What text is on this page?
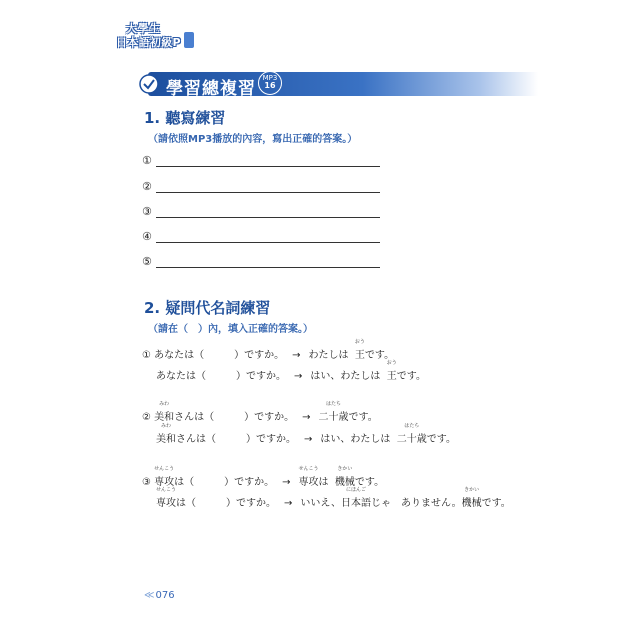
大學生
日本語初級P
學習總複習
MP3
16
1. 聽寫練習
（請依照MP3播放的內容，寫出正確的答案。）
①
②
③
④
⑤
2. 疑問代名詞練習
（請在（　）內，填入正確的答案。）
① あなたは（　　　）ですか。 → わたしは 王
おう
です。
あなたは（　　　）ですか。 → はい、わたしは 王
おう
です。
② 美和
みわ
さんは（　　　）ですか。 → 二十歳
はたち
です。
美和
みわ
さんは（　　　）ですか。 → はい、わたしは 二十歳
はたち
です。
③ 専攻
せんこう
は（　　　）ですか。 → 専攻
せんこう
は 機械
きかい
です。
専攻
せんこう
は（　　　）ですか。 → いいえ、日本語
にほんご
じゃ　ありません。機械
きかい
です。
≪ 076
